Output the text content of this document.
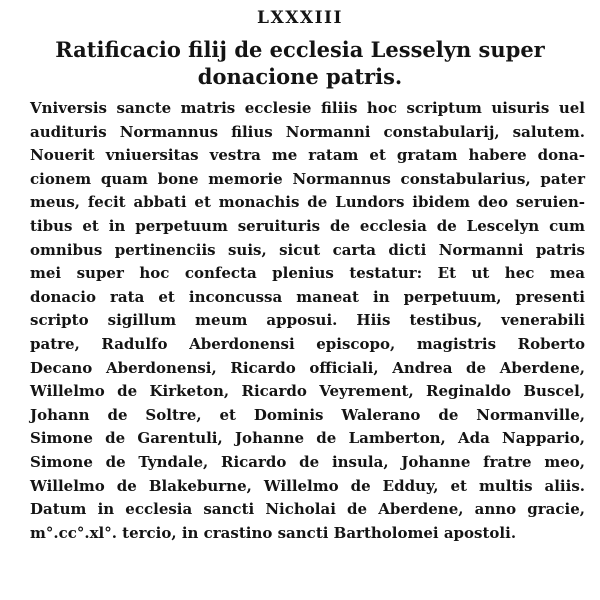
LXXXIII
Ratificacio filij de ecclesia Lesselyn super
donacione patris.
Vniversis sancte matris ecclesie filiis hoc scriptum uisuris uel
audituris Normannus filius Normanni constabularij, salutem.
Nouerit vniuersitas vestra me ratam et gratam habere dona-
cionem quam bone memorie Normannus constabularius, pater
meus, fecit abbati et monachis de Lundors ibidem deo seruien-
tibus et in perpetuum seruituris de ecclesia de Lescelyn cum
omnibus pertinenciis suis, sicut carta dicti Normanni patris
mei super hoc confecta plenius testatur: Et ut hec mea
donacio rata et inconcussa maneat in perpetuum, presenti
scripto sigillum meum apposui. Hiis testibus, venerabili
patre, Radulfo Aberdonensi episcopo, magistris Roberto
Decano Aberdonensi, Ricardo officiali, Andrea de Aberdene,
Willelmo de Kirketon, Ricardo Veyrement, Reginaldo Buscel,
Johann de Soltre, et Dominis Walerano de Normanville,
Simone de Garentuli, Johanne de Lamberton, Ada Nappario,
Simone de Tyndale, Ricardo de insula, Johanne fratre meo,
Willelmo de Blakeburne, Willelmo de Edduy, et multis aliis.
Datum in ecclesia sancti Nicholai de Aberdene, anno gracie,
m°.cc°.xl°. tercio, in crastino sancti Bartholomei apostoli.
